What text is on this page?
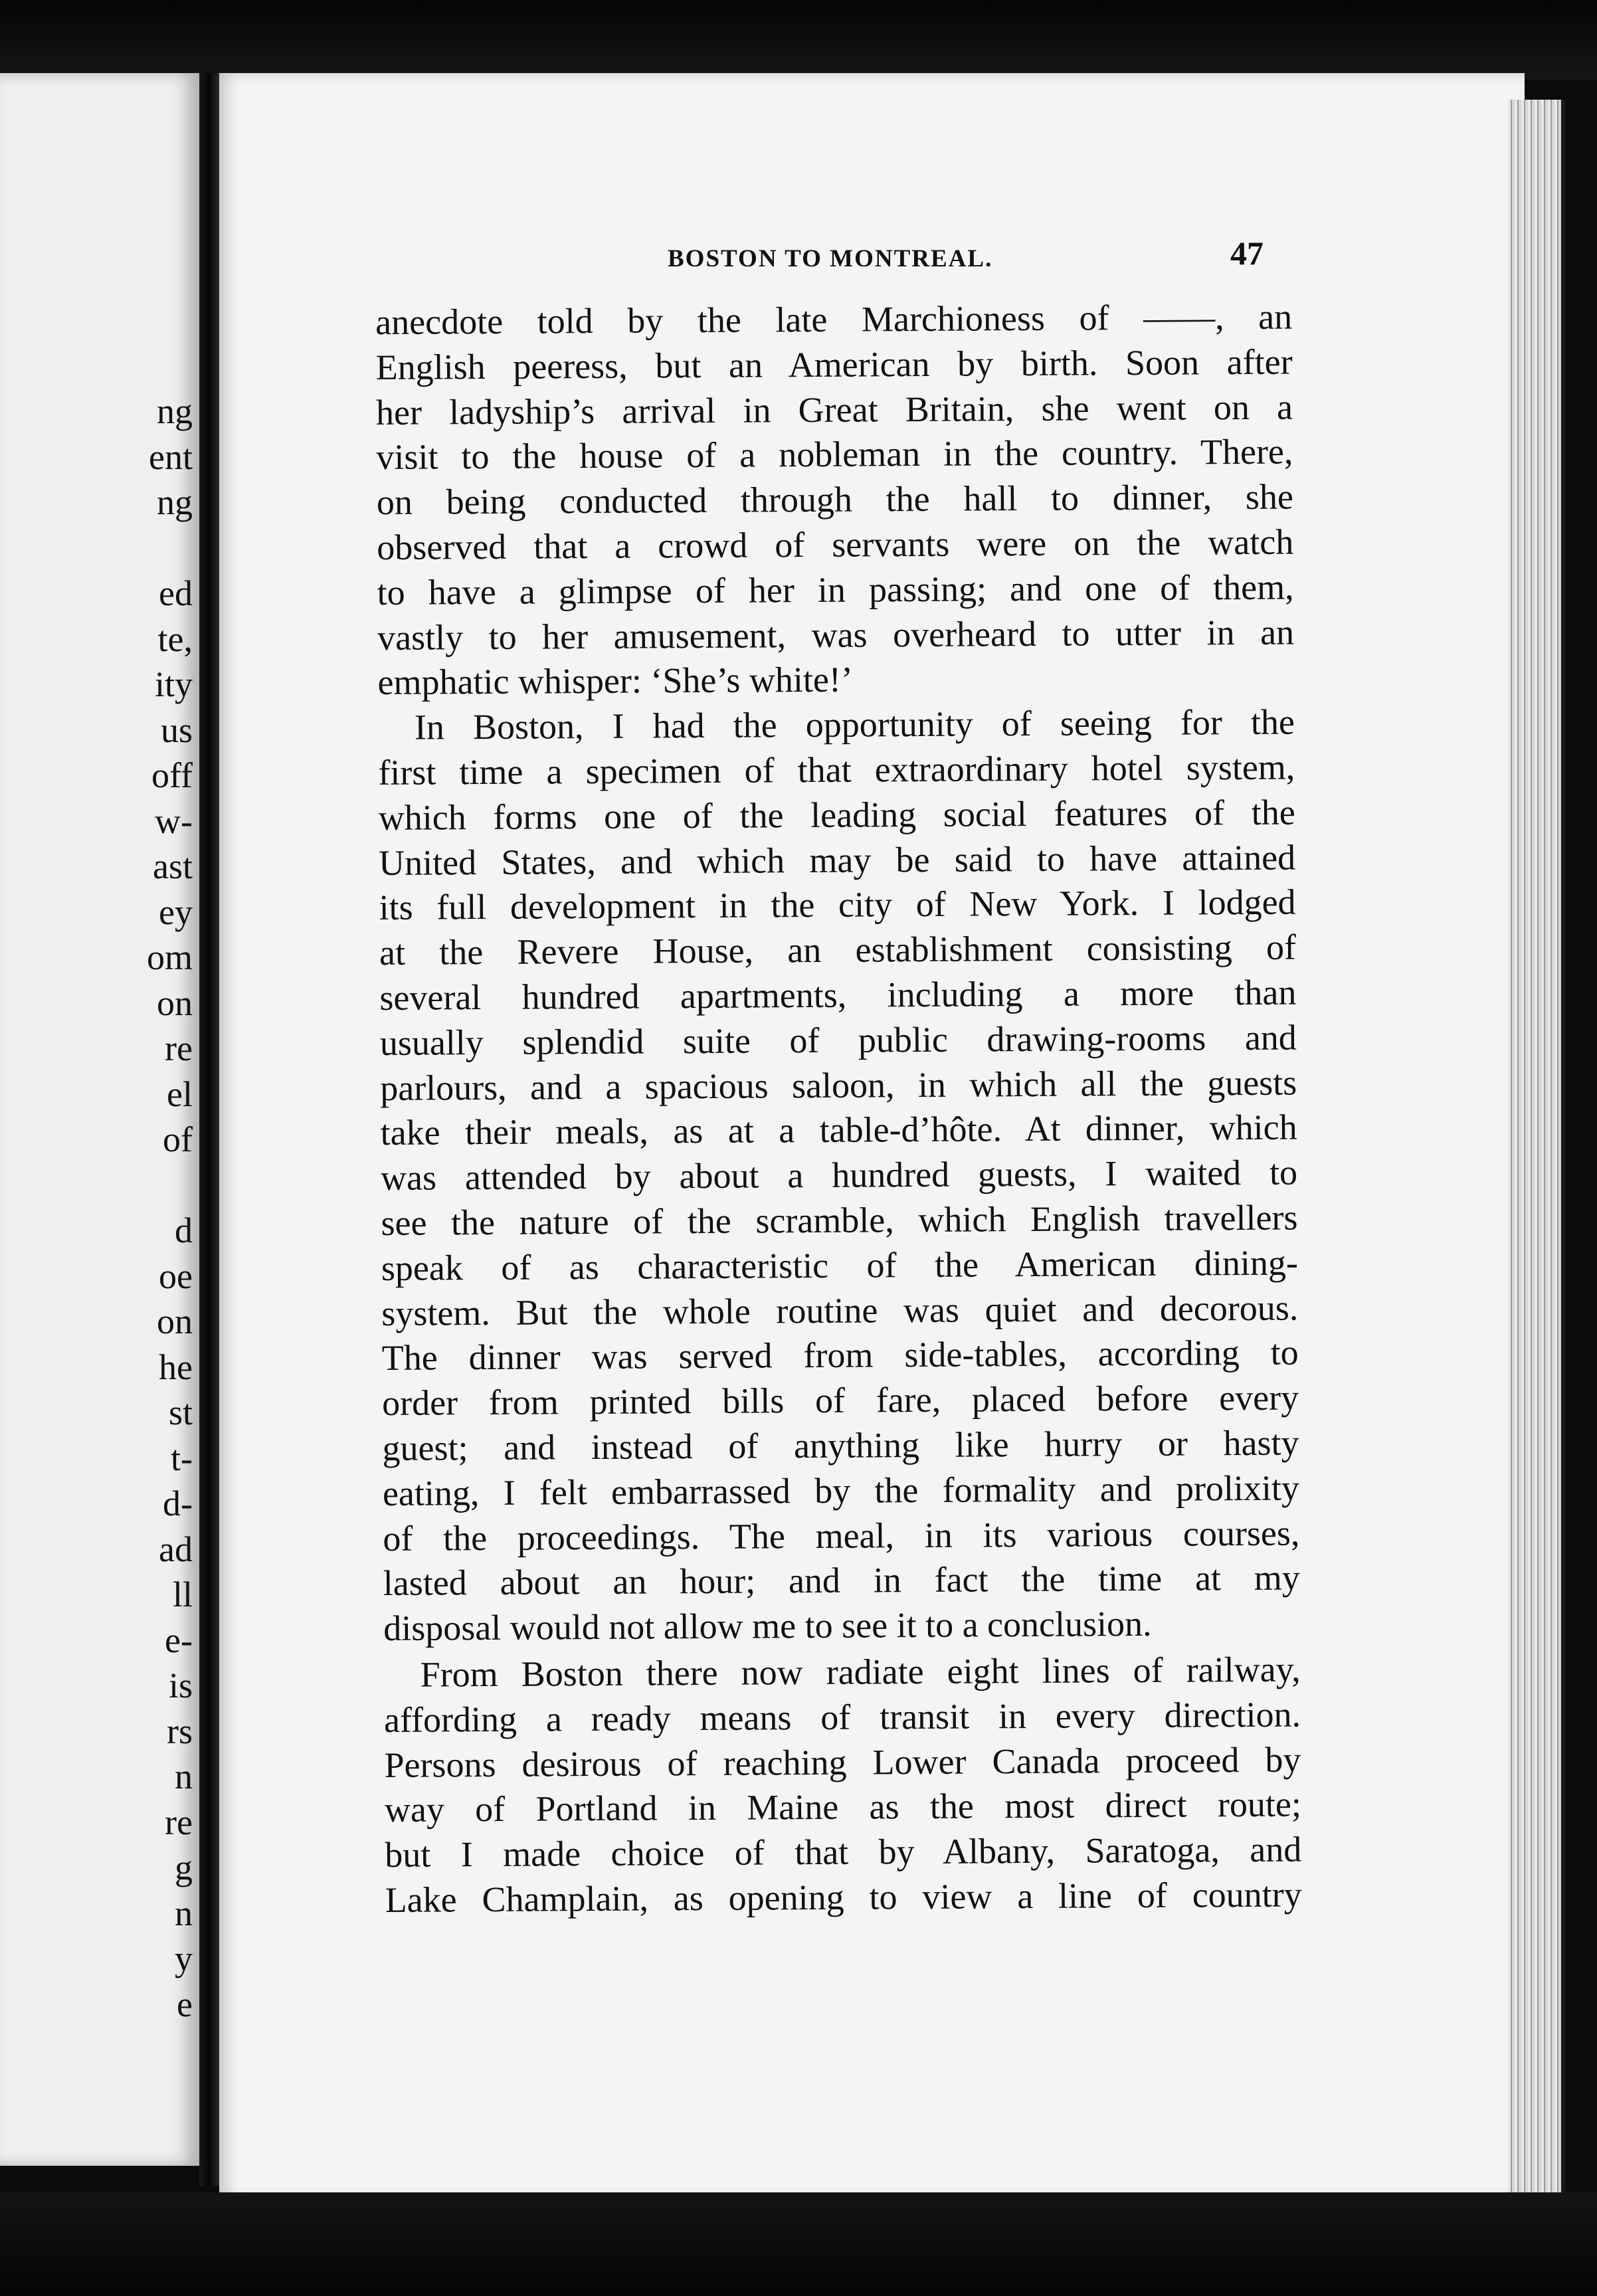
ng
ent
ng
ed
te,
ity
us
off
w-
ast
ey
om
on
re
el
of
d
oe
on
he
st
t-
d-
ad
ll
e-
is
rs
n
re
g
n
y
e
BOSTON TO MONTREAL.	47
anecdote told by the late Marchioness of ——, an
English peeress, but an American by birth. Soon after
her ladyship’s arrival in Great Britain, she went on a
visit to the house of a nobleman in the country. There,
on being conducted through the hall to dinner, she
observed that a crowd of servants were on the watch
to have a glimpse of her in passing; and one of them,
vastly to her amusement, was overheard to utter in an
emphatic whisper: ‘She’s white!’
In Boston, I had the opportunity of seeing for the
first time a specimen of that extraordinary hotel system,
which forms one of the leading social features of the
United States, and which may be said to have attained
its full development in the city of New York. I lodged
at the Revere House, an establishment consisting of
several hundred apartments, including a more than
usually splendid suite of public drawing-rooms and
parlours, and a spacious saloon, in which all the guests
take their meals, as at a table-d’hôte. At dinner, which
was attended by about a hundred guests, I waited to
see the nature of the scramble, which English travellers
speak of as characteristic of the American dining-
system. But the whole routine was quiet and decorous.
The dinner was served from side-tables, according to
order from printed bills of fare, placed before every
guest; and instead of anything like hurry or hasty
eating, I felt embarrassed by the formality and prolixity
of the proceedings. The meal, in its various courses,
lasted about an hour; and in fact the time at my
disposal would not allow me to see it to a conclusion.
From Boston there now radiate eight lines of railway,
affording a ready means of transit in every direction.
Persons desirous of reaching Lower Canada proceed by
way of Portland in Maine as the most direct route;
but I made choice of that by Albany, Saratoga, and
Lake Champlain, as opening to view a line of country
